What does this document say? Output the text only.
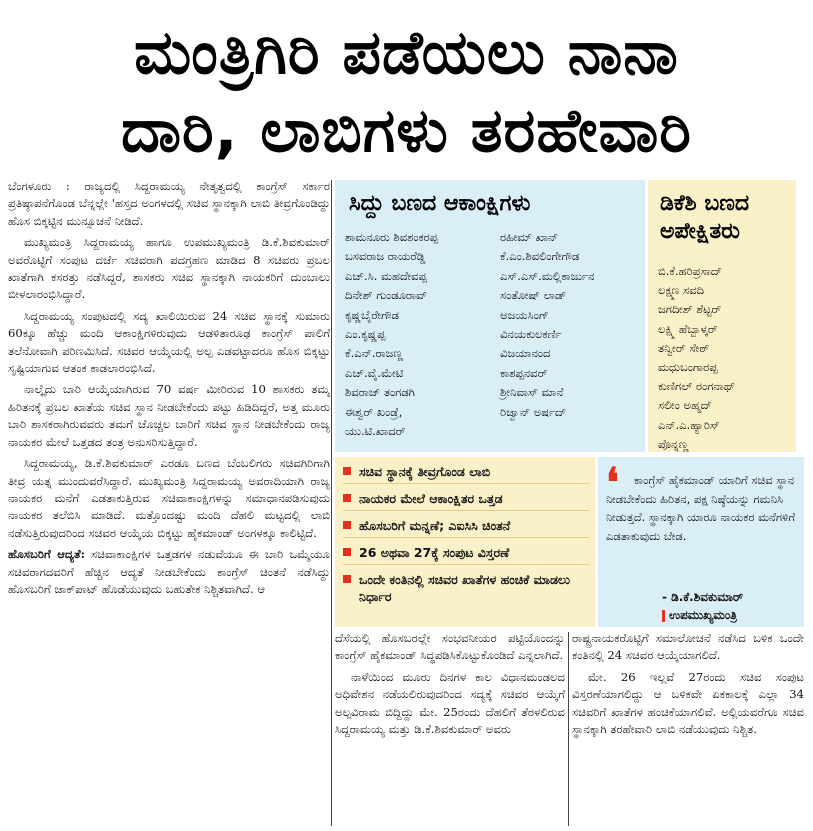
ಮಂತ್ರಿಗಿರಿ ಪಡೆಯಲು ನಾನಾ
ದಾರಿ, ಲಾಬಿಗಳು ತರಹೇವಾರಿ

ಬೆಂಗಳೂರು : ರಾಜ್ಯದಲ್ಲಿ ಸಿದ್ದರಾಮಯ್ಯ ನೇತೃತ್ವದಲ್ಲಿ ಕಾಂಗ್ರೆಸ್ ಸರ್ಕಾರ ಪ್ರತಿಷ್ಠಾಪನೆಗೊಂಡ ಬೆನ್ನಲ್ಲೇ 'ಹಸ್ತದ ಅಂಗಳದಲ್ಲಿ ಸಚಿವ ಸ್ಥಾನಕ್ಕಾಗಿ ಲಾಬಿ ತೀವ್ರಗೊಂಡಿದ್ದು ಹೊಸ ಬಿಕ್ಕಟ್ಟಿನ ಮುನ್ಸೂಚನೆ ನೀಡಿದೆ.

ಮುಖ್ಯಮಂತ್ರಿ ಸಿದ್ದರಾಮಯ್ಯ ಹಾಗೂ ಉಪಮುಖ್ಯಮಂತ್ರಿ ಡಿ.ಕೆ.ಶಿವಕುಮಾರ್ ಅವರೊಟ್ಟಿಗೆ ಸಂಪುಟ ದರ್ಜೆ ಸಚಿವರಾಗಿ ಪದಗ್ರಹಣ ಮಾಡಿದ 8 ಸಚಿವರು ಪ್ರಬಲ ಖಾತೆಗಾಗಿ ಕಸರತ್ತು ನಡೆಸಿದ್ದರೆ, ಶಾಸಕರು ಸಚಿವ ಸ್ಥಾನಕ್ಕಾಗಿ ನಾಯಕರಿಗೆ ದುಂಬಾಲು ಬೀಳಲಾರಂಭಿಸಿದ್ದಾರೆ.

ಸಿದ್ದರಾಮಯ್ಯ ಸಂಪುಟದಲ್ಲಿ ಸದ್ಯ ಖಾಲಿಯಿರುವ 24 ಸಚಿವ ಸ್ಥಾನಕ್ಕೆ ಸುಮಾರು 60ಕ್ಕೂ ಹೆಚ್ಚು ಮಂದಿ ಆಕಾಂಕ್ಷಿಗಳಿರುವುದು ಆಡಳಿತಾರೂಢ ಕಾಂಗ್ರೆಸ್ ಪಾಲಿಗೆ ತಲೆನೋವಾಗಿ ಪರಿಣಮಿಸಿದೆ. ಸಚಿವರ ಆಯ್ಕೆಯಲ್ಲಿ ಅಲ್ಪ ಎಡವಟ್ಟಾದರೂ ಹೊಸ ಬಿಕ್ಕಟ್ಟು ಸೃಷ್ಟಿಯಾಗುವ ಆತಂಕ ಕಾಡಲಾರಂಭಿಸಿದೆ.

ನಾಲ್ಕೈದು ಬಾರಿ ಆಯ್ಕೆಯಾಗಿರುವ 70 ವರ್ಷ ಮೀರಿರುವ 10 ಶಾಸಕರು ತಮ್ಮ ಹಿರಿತನಕ್ಕೆ ಪ್ರಬಲ ಖಾತೆಯ ಸಚಿವ ಸ್ಥಾನ ನೀಡಬೇಕೆಂದು ಪಟ್ಟು ಹಿಡಿದಿದ್ದರೆ, ಅತ್ತ ಮೂರು ಬಾರಿ ಶಾಸಕರಾಗಿರುವವರು ತಮಗೆ ಚೊಚ್ಚಲ ಬಾರಿಗೆ ಸಚಿವ ಸ್ಥಾನ ನೀಡಬೇಕೆಂದು ರಾಜ್ಯ ನಾಯಕರ ಮೇಲೆ ಒತ್ತಡದ ತಂತ್ರ ಅನುಸರಿಸುತ್ತಿದ್ದಾರೆ.

ಸಿದ್ದರಾಮಯ್ಯ, ಡಿ.ಕೆ.ಶಿವಕುಮಾರ್ ಎರಡೂ ಬಣದ ಬೆಂಬಲಿಗರು ಸಚಿವಗಿರಿಗಾಗಿ ತೀವ್ರ ಯತ್ನ ಮುಂದುವರೆಸಿದ್ದಾರೆ. ಮುಖ್ಯಮಂತ್ರಿ ಸಿದ್ದರಾಮಯ್ಯ ಅವರಾದಿಯಾಗಿ ರಾಜ್ಯ ನಾಯಕರ ಮನೆಗೆ ಎಡತಾಕುತ್ತಿರುವ ಸಚಿವಾಕಾಂಕ್ಷಿಗಳನ್ನು ಸಮಾಧಾನಪಡಿಸುವುದು ನಾಯಕರ ತಲೆಬಿಸಿ ಮಾಡಿದೆ. ಮತ್ತೊಂದಷ್ಟು ಮಂದಿ ದೆಹಲಿ ಮಟ್ಟದಲ್ಲಿ ಲಾಬಿ ನಡೆಸುತ್ತಿರುವುದರಿಂದ ಸಚಿವರ ಆಯ್ಕೆಯ ಬಿಕ್ಕಟ್ಟು ಹೈಕಮಾಂಡ್ ಅಂಗಳಕ್ಕೂ ಕಾಲಿಟ್ಟಿದೆ.

ಹೊಸಬರಿಗೆ ಆದ್ಯತೆ: ಸಚಿವಾಕಾಂಕ್ಷಿಗಳ ಒತ್ತಡಗಳ ನಡುವೆಯೂ ಈ ಬಾರಿ ಒಮ್ಮೆಯೂ ಸಚಿವರಾಗದವರಿಗೆ ಹೆಚ್ಚಿನ ಆದ್ಯತೆ ನೀಡಬೇಕೆಂದು ಕಾಂಗ್ರೆಸ್ ಚಿಂತನೆ ನಡೆಸಿದ್ದು ಹೊಸಬರಿಗೆ ಜಾಕ್‌ಪಾಟ್ ಹೊಡೆಯುವುದು ಬಹುತೇಕ ನಿಶ್ಚಿತವಾಗಿದೆ. ಆ

ಸಿದ್ದು ಬಣದ ಆಕಾಂಕ್ಷಿಗಳು
ಶಾಮನೂರು ಶಿವಶಂಕರಪ್ಪ
ಬಸವರಾಜ ರಾಯರೆಡ್ಡಿ
ಎಚ್.ಸಿ. ಮಹದೇವಪ್ಪ
ದಿನೇಶ್ ಗುಂಡೂರಾವ್
ಕೃಷ್ಣಬೈರೇಗೌಡ
ಎಂ.ಕೃಷ್ಣಪ್ಪ
ಕೆ.ಎನ್.ರಾಜಣ್ಣ
ಎಚ್.ವೈ.ಮೇಟಿ
ಶಿವರಾಜ್ ತಂಗಡಗಿ
ಈಶ್ವರ್ ಖಂಡ್ರೆ,
ಯು.ಟಿ.ಖಾದರ್
ರಹೀಮ್ ಖಾನ್
ಕೆ.ಎಂ.ಶಿವಲಿಂಗೇಗೌಡ
ಎಸ್.ಎಸ್.ಮಲ್ಲಿಕಾರ್ಜುನ
ಸಂತೋಷ್ ಲಾಡ್
ಅಜಯಸಿಂಗ್
ವಿನಯಕುಲಕರ್ಣಿ
ವಿಜಯಾನಂದ
ಕಾಶಪ್ಪನವರ್
ಶ್ರೀನಿವಾಸ್ ಮಾನೆ
ರಿಜ್ವಾನ್ ಅರ್ಷದ್
ಡಿಕೆಶಿ ಬಣದ ಅಪೇಕ್ಷಿತರು
ಬಿ.ಕೆ.ಹರಿಪ್ರಸಾದ್
ಲಕ್ಷ್ಮಣ ಸವದಿ
ಜಗದೀಶ್ ಶೆಟ್ಟರ್
ಲಕ್ಷ್ಮಿ ಹೆಬ್ಬಾಳ್ಕರ್
ತನ್ವೀರ್ ಸೇಠ್
ಮಧುಬಂಗಾರಪ್ಪ
ಕುಣಿಗಲ್ ರಂಗನಾಥ್
ಸಲೀಂ ಅಹ್ಮದ್
ಎನ್.ಎ.ಹ್ಯಾರಿಸ್
ಪೊನ್ನಣ್ಣ
ಸಚಿವ ಸ್ಥಾನಕ್ಕೆ ತೀವ್ರಗೊಂಡ ಲಾಬಿ
ನಾಯಕರ ಮೇಲೆ ಆಕಾಂಕ್ಷಿತರ ಒತ್ತಡ
ಹೊಸಬರಿಗೆ ಮನ್ನಣೆ; ಎಐಸಿಸಿ ಚಿಂತನೆ
26 ಅಥವಾ 27ಕ್ಕೆ ಸಂಪುಟ ವಿಸ್ತರಣೆ
ಒಂದೇ ಕಂತಿನಲ್ಲಿ ಸಚಿವರ ಖಾತೆಗಳ ಹಂಚಿಕೆ ಮಾಡಲು ನಿರ್ಧಾರ
❛	ಕಾಂಗ್ರೆಸ್ ಹೈಕಮಾಂಡ್ ಯಾರಿಗೆ ಸಚಿವ ಸ್ಥಾನ ನೀಡಬೇಕೆಂದು ಹಿರಿತನ, ಪಕ್ಷ ನಿಷ್ಠೆಯನ್ನು ಗಮನಿಸಿ ನೀಡುತ್ತದೆ. ಸ್ಥಾನಕ್ಕಾಗಿ ಯಾರೂ ನಾಯಕರ ಮನೆಗಳಿಗೆ ಎಡತಾಕುವುದು ಬೇಡ.
- ಡಿ.ಕೆ.ಶಿವಕುಮಾರ್
ಉಪಮುಖ್ಯಮಂತ್ರಿ

ದೆಸೆಯಲ್ಲಿ ಹೊಸಬರಲ್ಲೇ ಸಂಭವನೀಯರ ಪಟ್ಟಿಯೊಂದನ್ನು ಕಾಂಗ್ರೆಸ್ ಹೈಕಮಾಂಡ್ ಸಿದ್ಧಪಡಿಸಿಕೊಟ್ಟುಕೊಂಡಿದೆ ಎನ್ನಲಾಗಿದೆ.

ನಾಳೆಯಿಂದ ಮೂರು ದಿನಗಳ ಕಾಲ ವಿಧಾನಮಂಡಲದ ಅಧಿವೇಶನ ನಡೆಯಲಿರುವುದರಿಂದ ಸದ್ಯಕ್ಕೆ ಸಚಿವರ ಆಯ್ಕೆಗೆ ಅಲ್ಪವಿರಾಮ ಬಿದ್ದಿದ್ದು ಮೇ. 25ರಂದು ದೆಹಲಿಗೆ ತೆರಳಲಿರುವ ಸಿದ್ದರಾಮಯ್ಯ ಮತ್ತು ಡಿ.ಕೆ.ಶಿವಕುಮಾರ್ ಅವರು

ರಾಷ್ಟ್ರನಾಯಕರೊಟ್ಟಿಗೆ ಸಮಾಲೋಚನೆ ನಡೆಸಿದ ಬಳಿಕ ಒಂದೇ ಕಂತಿನಲ್ಲಿ 24 ಸಚಿವರ ಆಯ್ಕೆಯಾಗಲಿದೆ.

ಮೇ. 26 ಇಲ್ಲವೆ 27ರಂದು ಸಚಿವ ಸಂಪುಟ ವಿಸ್ತರಣೆಯಾಗಲಿದ್ದು ಆ ಬಳಿಕವೇ ಏಕಕಾಲಕ್ಕೆ ಎಲ್ಲಾ 34 ಸಚಿವರಿಗೆ ಖಾತೆಗಳ ಹಂಚಿಕೆಯಾಗಲಿವೆ. ಅಲ್ಲಿಯವರೆಗೂ ಸಚಿವ ಸ್ಥಾನಕ್ಕಾಗಿ ತರಹೇವಾರಿ ಲಾಬಿ ನಡೆಯುವುದು ನಿಶ್ಚಿತ.
